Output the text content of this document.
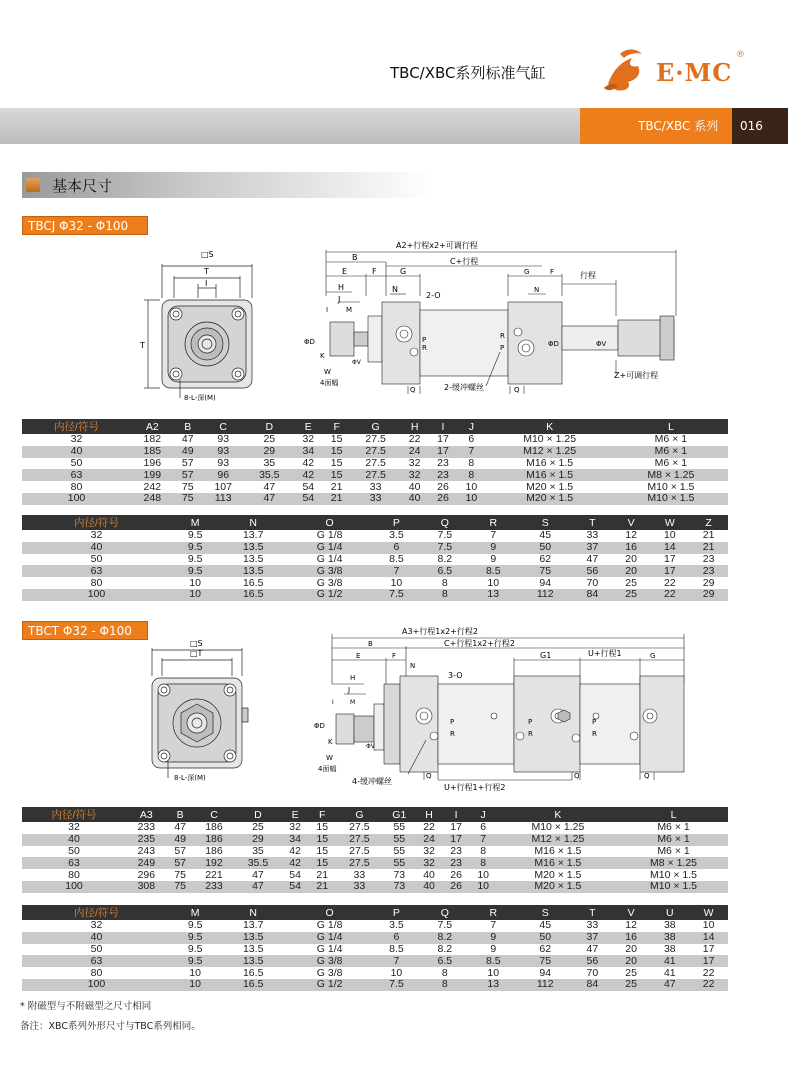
TBC/XBC系列标准气缸	E·MC
®
TBC/XBC 系列	016
基本尺寸
TBCJ Φ32 - Φ100
□S
T
I
T
8-L-深(M)
A2+行程x2+可调行程
B	C+行程
E	F	G	G	F	行程
H	N
2-O
N
J
I	M
ΦD
K
ΦV
W
4面幅
P
R
R
P	ΦD	ΦV
Q	Q
2-缓冲螺丝
Z+可调行程
内径/符号	A2	B	C	D	E	F	G	H	I	J	K	L
32	182	47	93	25	32	15	27.5	22	17	6	M10 × 1.25	M6 × 1
40	185	49	93	29	34	15	27.5	24	17	7	M12 × 1.25	M6 × 1
50	196	57	93	35	42	15	27.5	32	23	8	M16 × 1.5	M6 × 1
63	199	57	96	35.5	42	15	27.5	32	23	8	M16 × 1.5	M8 × 1.25
80	242	75	107	47	54	21	33	40	26	10	M20 × 1.5	M10 × 1.5
100	248	75	113	47	54	21	33	40	26	10	M20 × 1.5	M10 × 1.5
内径/符号	M	N	O	P	Q	R	S	T	V	W	Z
32	9.5	13.7	G 1/8	3.5	7.5	7	45	33	12	10	21
40	9.5	13.5	G 1/4	6	7.5	9	50	37	16	14	21
50	9.5	13.5	G 1/4	8.5	8.2	9	62	47	20	17	23
63	9.5	13.5	G 3/8	7	6.5	8.5	75	56	20	17	23
80	10	16.5	G 3/8	10	8	10	94	70	25	22	29
100	10	16.5	G 1/2	7.5	8	13	112	84	25	22	29
TBCT Φ32 - Φ100
□S
□T
8-L-深(M)
A3+行程1x2+行程2
B	C+行程1x2+行程2
E	F
N
G1	U+行程1	G
3-O
H
J
I	M
ΦD
K
ΦV
W
4面幅
4-缓冲螺丝
U+行程1+行程2
P
R
P
R
P
R
Q	Q	Q
内径/符号	A3	B	C	D	E	F	G	G1	H	I	J	K	L
32	233	47	186	25	32	15	27.5	55	22	17	6	M10 × 1.25	M6 × 1
40	235	49	186	29	34	15	27.5	55	24	17	7	M12 × 1.25	M6 × 1
50	243	57	186	35	42	15	27.5	55	32	23	8	M16 × 1.5	M6 × 1
63	249	57	192	35.5	42	15	27.5	55	32	23	8	M16 × 1.5	M8 × 1.25
80	296	75	221	47	54	21	33	73	40	26	10	M20 × 1.5	M10 × 1.5
100	308	75	233	47	54	21	33	73	40	26	10	M20 × 1.5	M10 × 1.5
内径/符号	M	N	O	P	Q	R	S	T	V	U	W
32	9.5	13.7	G 1/8	3.5	7.5	7	45	33	12	38	10
40	9.5	13.5	G 1/4	6	8.2	9	50	37	16	38	14
50	9.5	13.5	G 1/4	8.5	8.2	9	62	47	20	38	17
63	9.5	13.5	G 3/8	7	6.5	8.5	75	56	20	41	17
80	10	16.5	G 3/8	10	8	10	94	70	25	41	22
100	10	16.5	G 1/2	7.5	8	13	112	84	25	47	22
* 附磁型与不附磁型之尺寸相同
备注：XBC系列外形尺寸与TBC系列相同。
